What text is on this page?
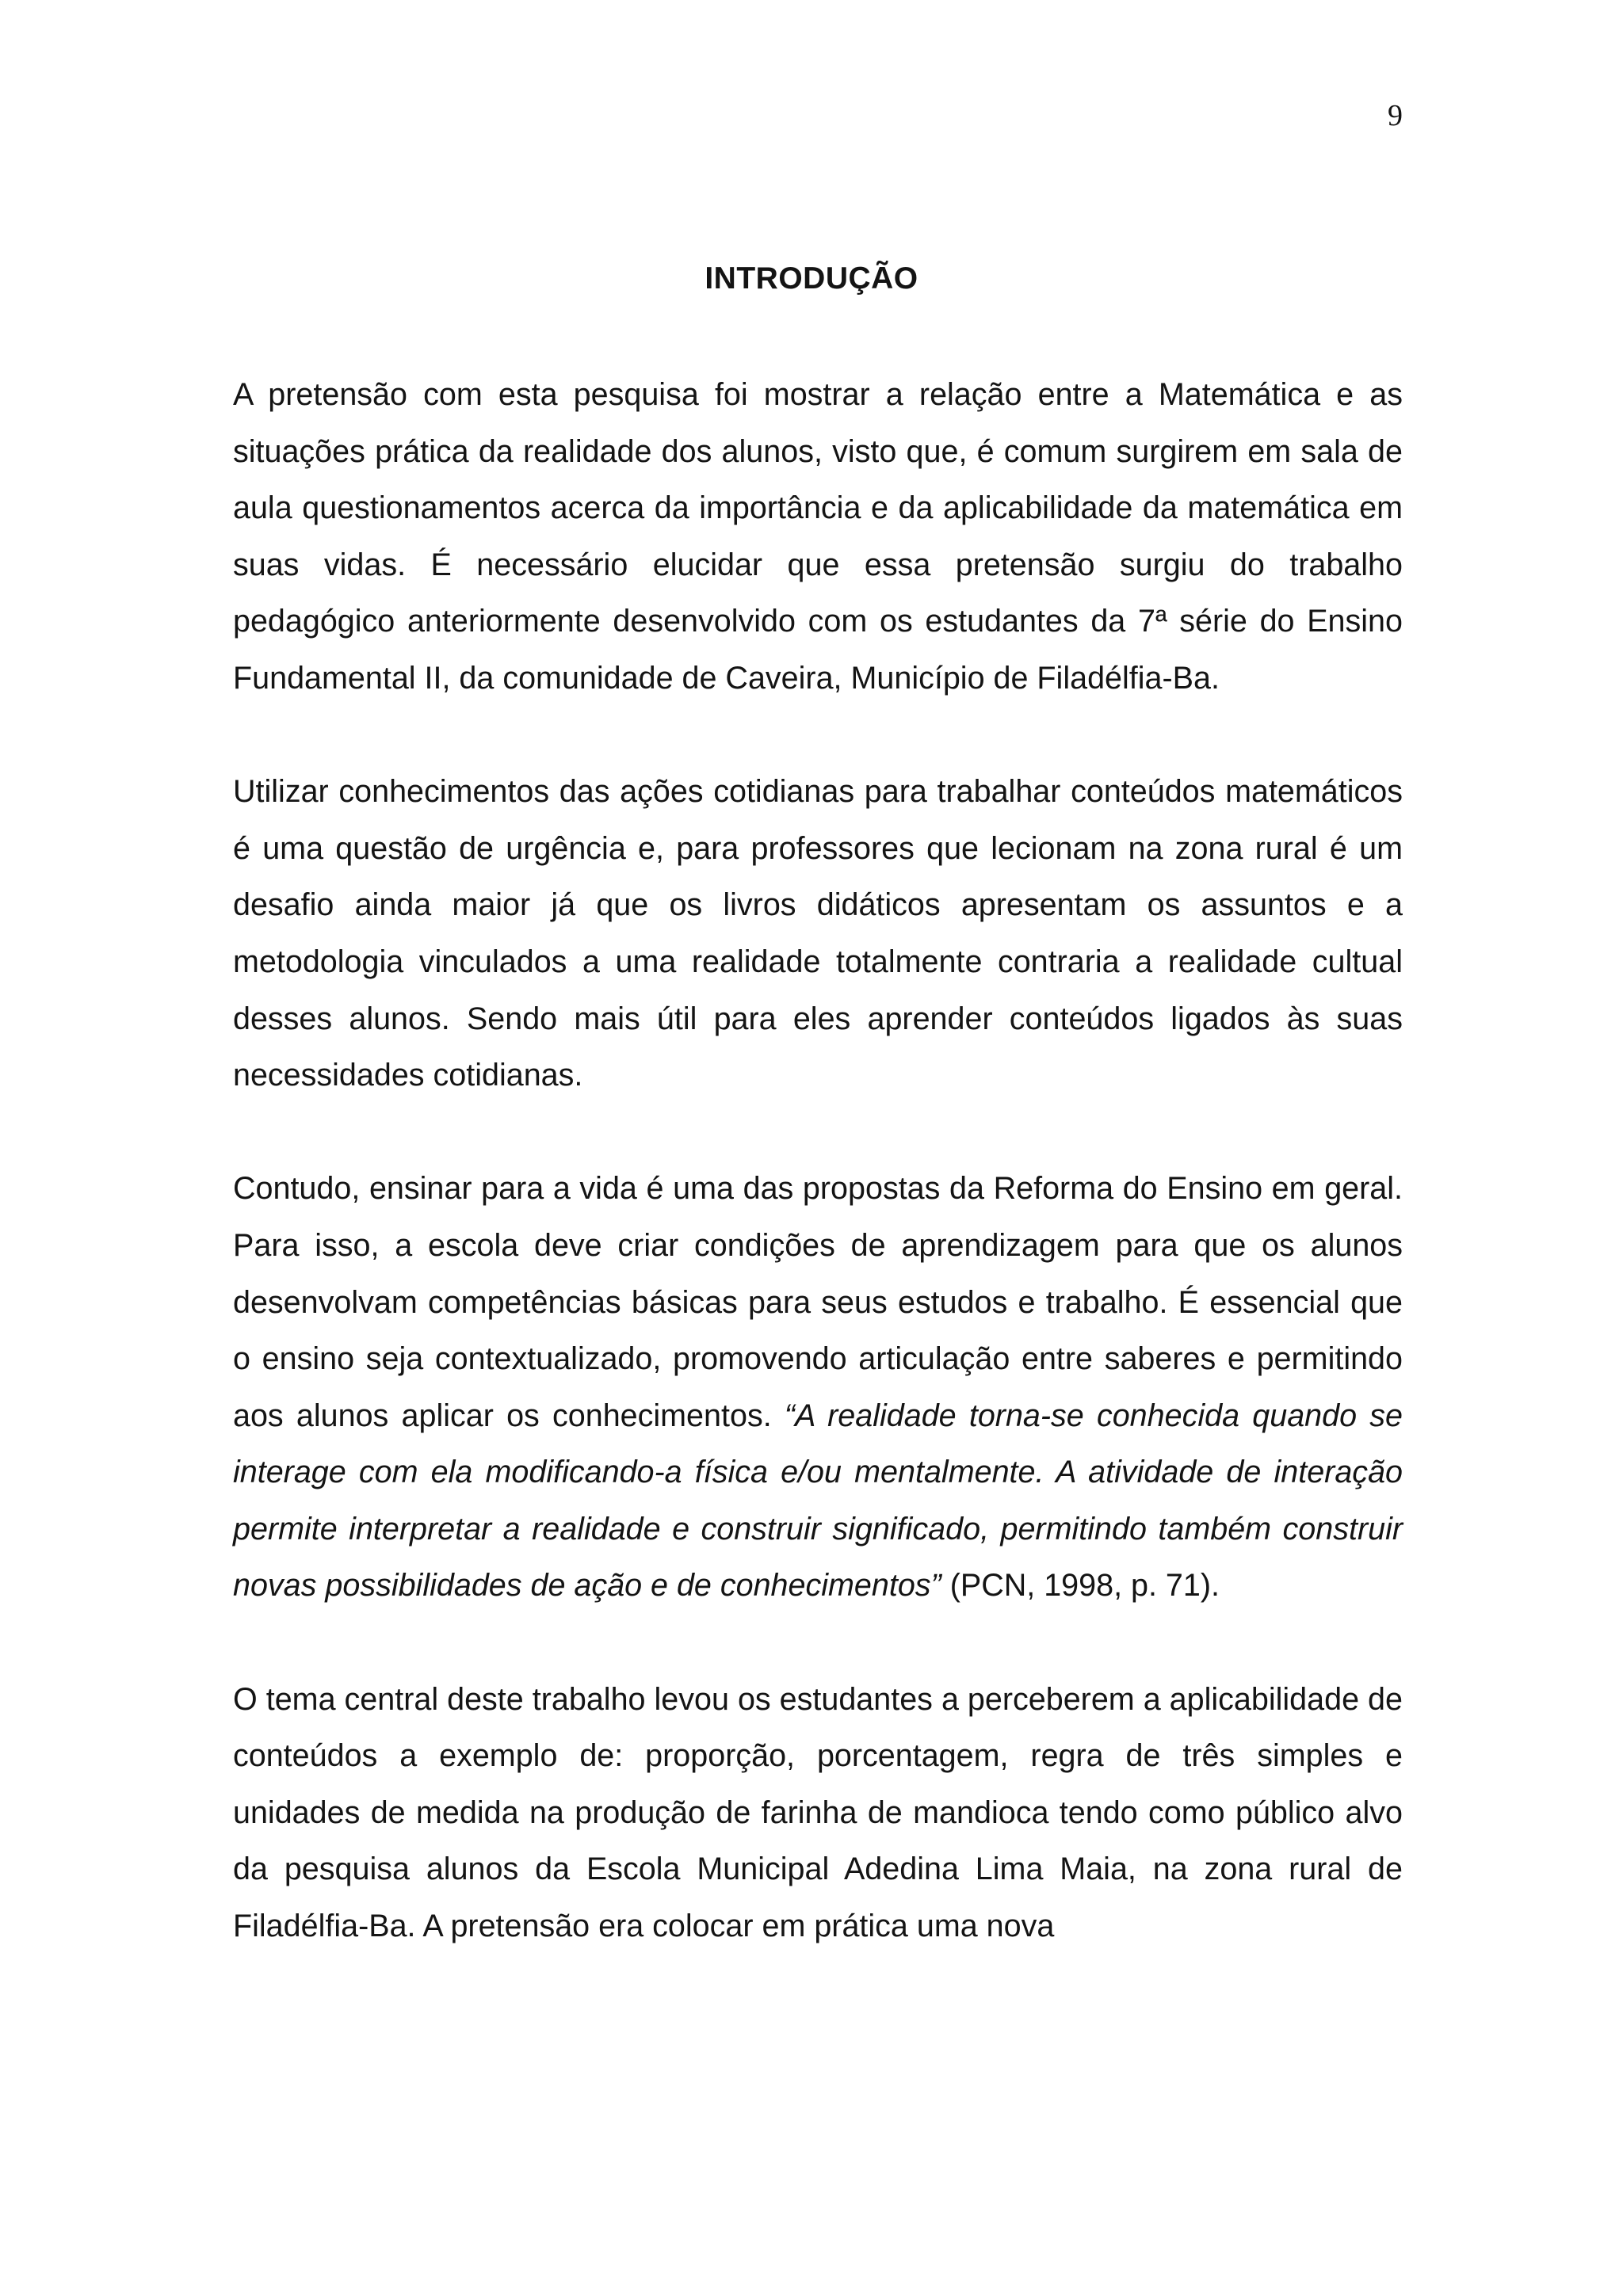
9
INTRODUÇÃO

A pretensão com esta pesquisa foi mostrar a relação entre a Matemática e as situações prática da realidade dos alunos, visto que, é comum surgirem em sala de aula questionamentos acerca da importância e da aplicabilidade da matemática em suas vidas. É necessário elucidar que essa pretensão surgiu do trabalho pedagógico anteriormente desenvolvido com os estudantes da 7ª série do Ensino Fundamental II, da comunidade de Caveira, Município de Filadélfia-Ba.

Utilizar conhecimentos das ações cotidianas para trabalhar conteúdos matemáticos é uma questão de urgência e, para professores que lecionam na zona rural é um desafio ainda maior já que os livros didáticos apresentam os assuntos e a metodologia vinculados a uma realidade totalmente contraria a realidade cultual desses alunos. Sendo mais útil para eles aprender conteúdos ligados às suas necessidades cotidianas.

Contudo, ensinar para a vida é uma das propostas da Reforma do Ensino em geral. Para isso, a escola deve criar condições de aprendizagem para que os alunos desenvolvam competências básicas para seus estudos e trabalho. É essencial que o ensino seja contextualizado, promovendo articulação entre saberes e permitindo aos alunos aplicar os conhecimentos. “A realidade torna-se conhecida quando se interage com ela modificando-a física e/ou mentalmente. A atividade de interação permite interpretar a realidade e construir significado, permitindo também construir novas possibilidades de ação e de conhecimentos” (PCN, 1998, p. 71).

O tema central deste trabalho levou os estudantes a perceberem a aplicabilidade de conteúdos a exemplo de: proporção, porcentagem, regra de três simples e unidades de medida na produção de farinha de mandioca tendo como público alvo da pesquisa alunos da Escola Municipal Adedina Lima Maia, na zona rural de Filadélfia-Ba. A pretensão era colocar em prática uma nova
